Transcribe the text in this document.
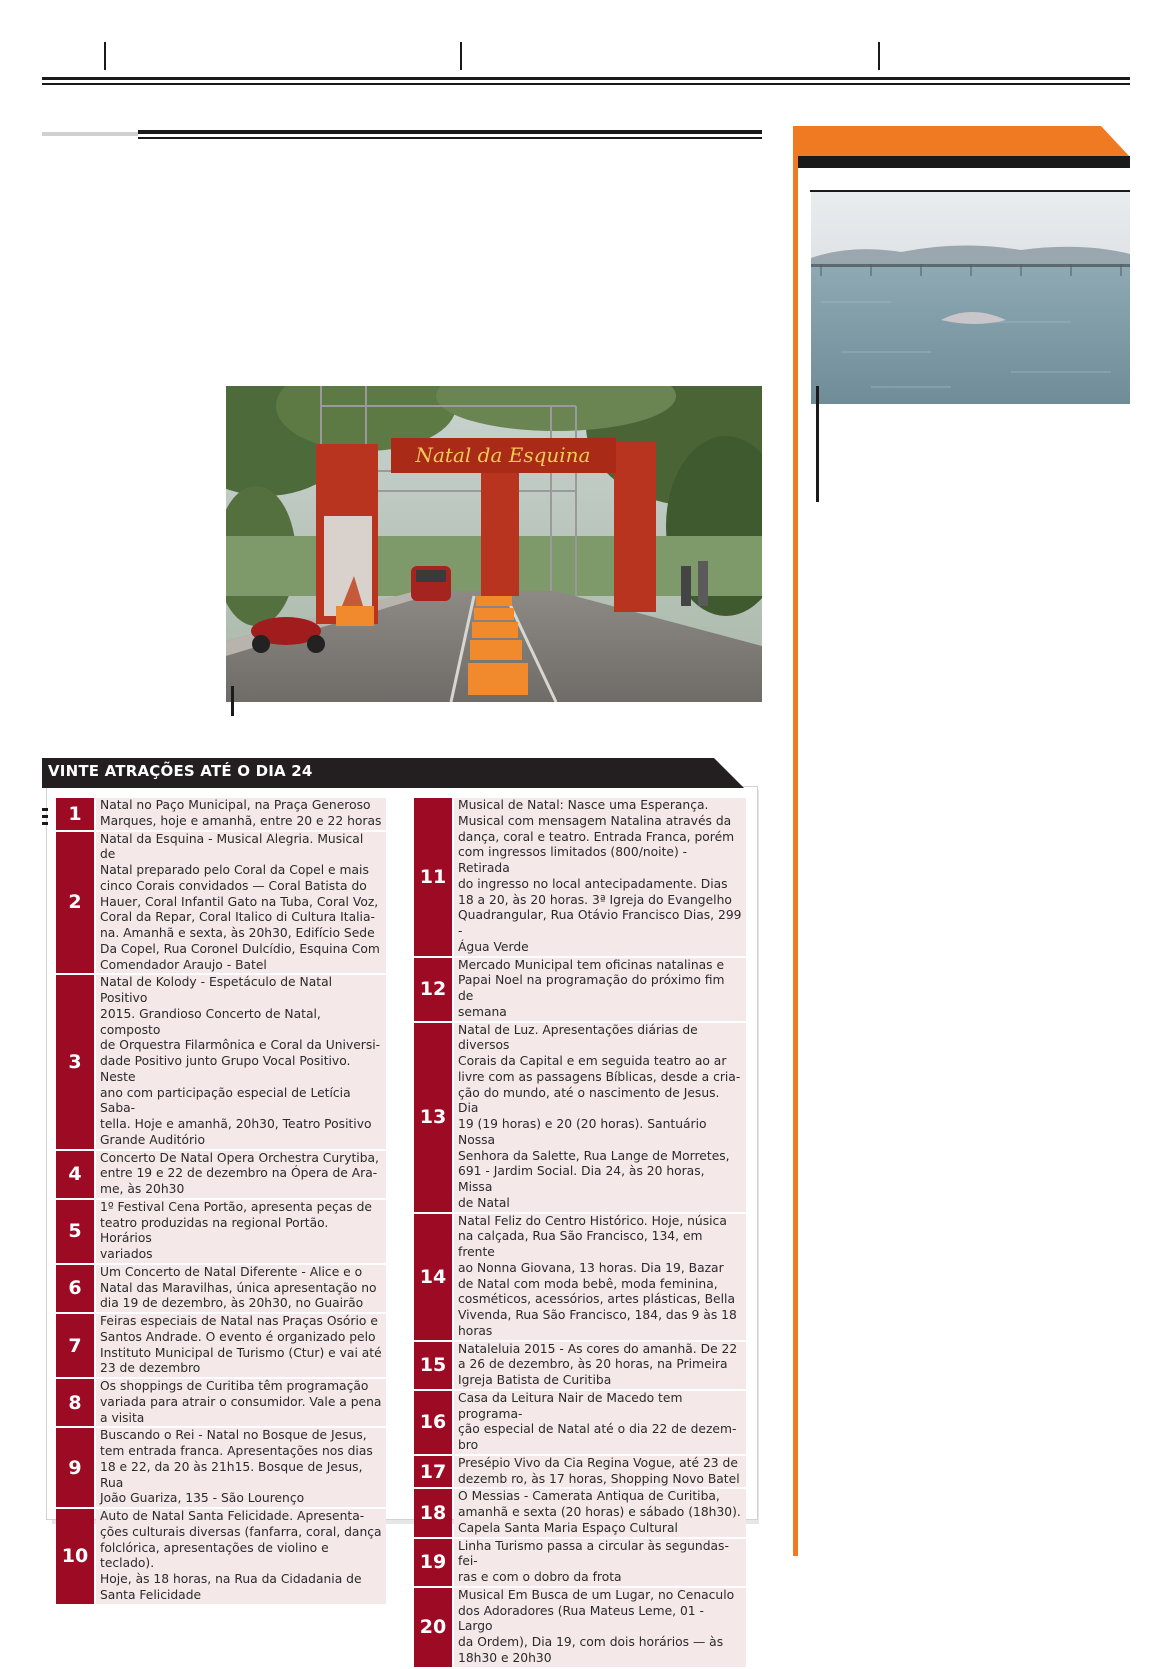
Natal da Esquina
VINTE ATRAÇÕES ATÉ O DIA 24
1	Natal no Paço Municipal, na Praça Generoso
Marques, hoje e amanhã, entre 20 e 22 horas
2
Natal da Esquina - Musical Alegria. Musical de
Natal preparado pelo Coral da Copel e mais
cinco Corais convidados — Coral Batista do
Hauer, Coral Infantil Gato na Tuba, Coral Voz,
Coral da Repar, Coral Italico di Cultura Italia-
na. Amanhã e sexta, às 20h30, Edifício Sede
Da Copel, Rua Coronel Dulcídio, Esquina Com
Comendador Araujo - Batel
3
Natal de Kolody - Espetáculo de Natal Positivo
2015. Grandioso Concerto de Natal, composto
de Orquestra Filarmônica e Coral da Universi-
dade Positivo junto Grupo Vocal Positivo. Neste
ano com participação especial de Letícia Saba-
tella. Hoje e amanhã, 20h30, Teatro Positivo
Grande Auditório
4
Concerto De Natal Opera Orchestra Curytiba,
entre 19 e 22 de dezembro na Ópera de Ara-
me, às 20h30
5
1º Festival Cena Portão, apresenta peças de
teatro produzidas na regional Portão. Horários
variados
6
Um Concerto de Natal Diferente - Alice e o
Natal das Maravilhas, única apresentação no
dia 19 de dezembro, às 20h30, no Guairão
7
Feiras especiais de Natal nas Praças Osório e
Santos Andrade. O evento é organizado pelo
Instituto Municipal de Turismo (Ctur) e vai até
23 de dezembro
8
Os shoppings de Curitiba têm programação
variada para atrair o consumidor. Vale a pena
a visita
9
Buscando o Rei - Natal no Bosque de Jesus,
tem entrada franca. Apresentações nos dias
18 e 22, da 20 às 21h15. Bosque de Jesus, Rua
João Guariza, 135 - São Lourenço
10
Auto de Natal Santa Felicidade. Apresenta-
ções culturais diversas (fanfarra, coral, dança
folclórica, apresentações de violino e teclado).
Hoje, às 18 horas, na Rua da Cidadania de
Santa Felicidade
11
Musical de Natal: Nasce uma Esperança.
Musical com mensagem Natalina através da
dança, coral e teatro. Entrada Franca, porém
com ingressos limitados (800/noite) - Retirada
do ingresso no local antecipadamente. Dias
18 a 20, às 20 horas. 3ª Igreja do Evangelho
Quadrangular, Rua Otávio Francisco Dias, 299 -
Água Verde
12
Mercado Municipal tem oficinas natalinas e
Papai Noel na programação do próximo fim de
semana
13
Natal de Luz. Apresentações diárias de diversos
Corais da Capital e em seguida teatro ao ar
livre com as passagens Bíblicas, desde a cria-
ção do mundo, até o nascimento de Jesus. Dia
19 (19 horas) e 20 (20 horas). Santuário Nossa
Senhora da Salette, Rua Lange de Morretes,
691 - Jardim Social. Dia 24, às 20 horas, Missa
de Natal
14
Natal Feliz do Centro Histórico. Hoje, núsica
na calçada, Rua São Francisco, 134, em frente
ao Nonna Giovana, 13 horas. Dia 19, Bazar
de Natal com moda bebê, moda feminina,
cosméticos, acessórios, artes plásticas, Bella
Vivenda, Rua São Francisco, 184, das 9 às 18
horas
15
Nataleluia 2015 - As cores do amanhã. De 22
a 26 de dezembro, às 20 horas, na Primeira
Igreja Batista de Curitiba
16
Casa da Leitura Nair de Macedo tem programa-
ção especial de Natal até o dia 22 de dezem-
bro
17 Presépio Vivo da Cia Regina Vogue, até 23 de
dezemb ro, às 17 horas, Shopping Novo Batel
18
O Messias - Camerata Antiqua de Curitiba,
amanhã e sexta (20 horas) e sábado (18h30).
Capela Santa Maria Espaço Cultural
19
Linha Turismo passa a circular às segundas-fei-
ras e com o dobro da frota
20
Musical Em Busca de um Lugar, no Cenaculo
dos Adoradores (Rua Mateus Leme, 01 - Largo
da Ordem), Dia 19, com dois horários — às
18h30 e 20h30
